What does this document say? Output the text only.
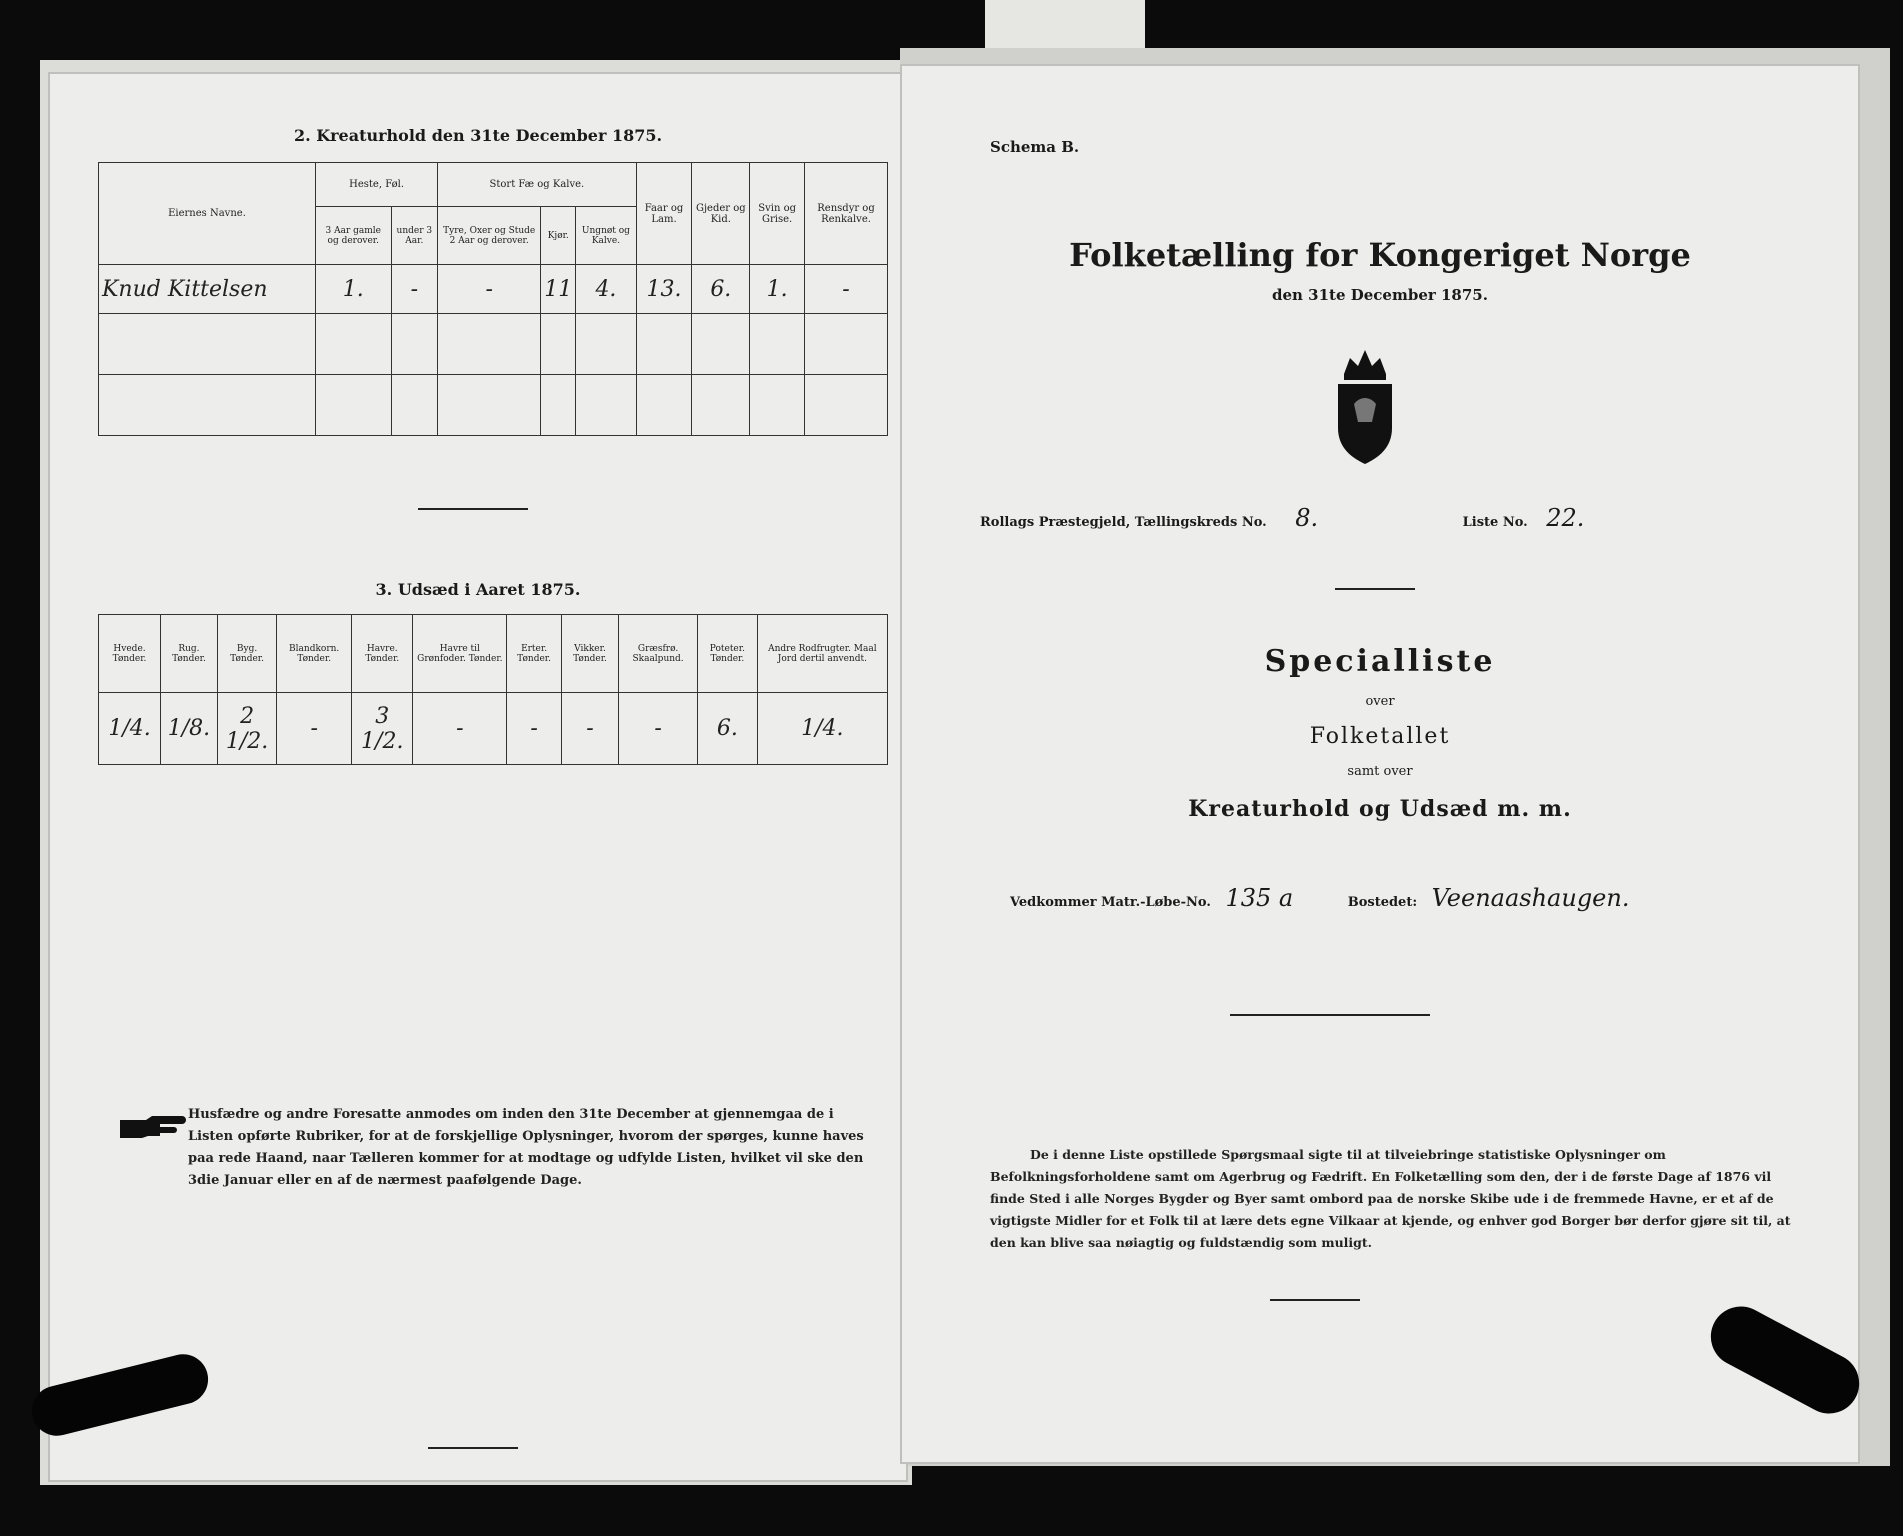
2. Kreaturhold den 31te December 1875.
Eiernes Navne.	Heste, Føl.		Stort Fæ og Kalve.			Faar og Lam.	Gjeder og Kid.	Svin og Grise.	Rensdyr og Renkalve.
	3 Aar gamle og derover.	under 3 Aar.	Tyre, Oxer og Stude 2 Aar og derover.	Kjør.	Ungnøt og Kalve.				
Knud Kittelsen	1.	-	-	11	4.	13.	6.	1.	-

3. Udsæd i Aaret 1875.
Hvede. Tønder.	Rug. Tønder.	Byg. Tønder.	Blandkorn. Tønder.	Havre. Tønder.	Havre til Grønfoder. Tønder.	Erter. Tønder.	Vikker. Tønder.	Græsfrø. Skaalpund.	Poteter. Tønder.	Andre Rodfrugter. Maal Jord dertil anvendt.
1/4.	1/8.	2 1/2.	-	3 1/2.	-	-	-	-	6.	1/4.
Husfædre og andre Foresatte anmodes om inden den 31te December at gjennemgaa de i Listen opførte Rubriker, for at de forskjellige Oplysninger, hvorom der spørges, kunne haves paa rede Haand, naar Tælleren kommer for at modtage og udfylde Listen, hvilket vil ske den 3die Januar eller en af de nærmest paafølgende Dage.
Schema B.
Folketælling for Kongeriget Norge
den 31te December 1875.
Rollags Præstegjeld, Tællingskreds No. 8.	Liste No. 22.
Specialliste
over
Folketallet
samt over
Kreaturhold og Udsæd m. m.
Vedkommer Matr.-Løbe-No. 135 a	Bostedet: Veenaashaugen.
De i denne Liste opstillede Spørgsmaal sigte til at tilveiebringe statistiske Oplysninger om Befolkningsforholdene samt om Agerbrug og Fædrift. En Folketælling som den, der i de første Dage af 1876 vil finde Sted i alle Norges Bygder og Byer samt ombord paa de norske Skibe ude i de fremmede Havne, er et af de vigtigste Midler for et Folk til at lære dets egne Vilkaar at kjende, og enhver god Borger bør derfor gjøre sit til, at den kan blive saa nøiagtig og fuldstændig som muligt.
